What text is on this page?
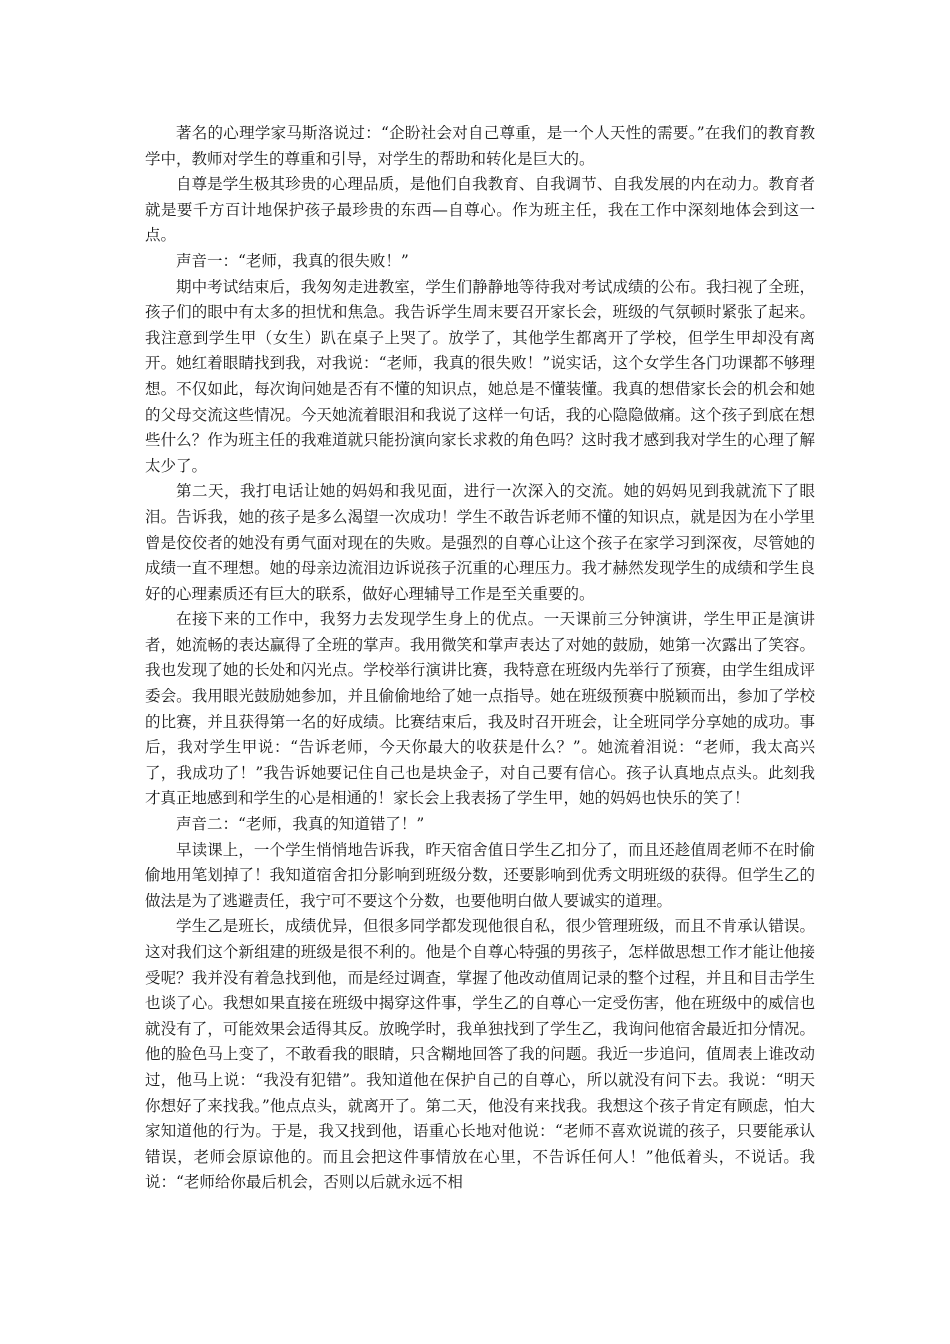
著名的心理学家马斯洛说过：“企盼社会对自己尊重，是一个人天性的需要。”在我们的教育教学中，教师对学生的尊重和引导，对学生的帮助和转化是巨大的。

自尊是学生极其珍贵的心理品质，是他们自我教育、自我调节、自我发展的内在动力。教育者就是要千方百计地保护孩子最珍贵的东西—自尊心。作为班主任，我在工作中深刻地体会到这一点。

声音一：“老师，我真的很失败！”

期中考试结束后，我匆匆走进教室，学生们静静地等待我对考试成绩的公布。我扫视了全班，孩子们的眼中有太多的担忧和焦急。我告诉学生周末要召开家长会，班级的气氛顿时紧张了起来。我注意到学生甲（女生）趴在桌子上哭了。放学了，其他学生都离开了学校，但学生甲却没有离开。她红着眼睛找到我，对我说：“老师，我真的很失败！”说实话，这个女学生各门功课都不够理想。不仅如此，每次询问她是否有不懂的知识点，她总是不懂装懂。我真的想借家长会的机会和她的父母交流这些情况。今天她流着眼泪和我说了这样一句话，我的心隐隐做痛。这个孩子到底在想些什么？作为班主任的我难道就只能扮演向家长求救的角色吗？这时我才感到我对学生的心理了解太少了。

第二天，我打电话让她的妈妈和我见面，进行一次深入的交流。她的妈妈见到我就流下了眼泪。告诉我，她的孩子是多么渴望一次成功！学生不敢告诉老师不懂的知识点，就是因为在小学里曾是佼佼者的她没有勇气面对现在的失败。是强烈的自尊心让这个孩子在家学习到深夜，尽管她的成绩一直不理想。她的母亲边流泪边诉说孩子沉重的心理压力。我才赫然发现学生的成绩和学生良好的心理素质还有巨大的联系，做好心理辅导工作是至关重要的。

在接下来的工作中，我努力去发现学生身上的优点。一天课前三分钟演讲，学生甲正是演讲者，她流畅的表达赢得了全班的掌声。我用微笑和掌声表达了对她的鼓励，她第一次露出了笑容。我也发现了她的长处和闪光点。学校举行演讲比赛，我特意在班级内先举行了预赛，由学生组成评委会。我用眼光鼓励她参加，并且偷偷地给了她一点指导。她在班级预赛中脱颖而出，参加了学校的比赛，并且获得第一名的好成绩。比赛结束后，我及时召开班会，让全班同学分享她的成功。事后，我对学生甲说：“告诉老师，今天你最大的收获是什么？”。她流着泪说：“老师，我太高兴了，我成功了！”我告诉她要记住自己也是块金子，对自己要有信心。孩子认真地点点头。此刻我才真正地感到和学生的心是相通的！家长会上我表扬了学生甲，她的妈妈也快乐的笑了！

声音二：“老师，我真的知道错了！”

早读课上，一个学生悄悄地告诉我，昨天宿舍值日学生乙扣分了，而且还趁值周老师不在时偷偷地用笔划掉了！我知道宿舍扣分影响到班级分数，还要影响到优秀文明班级的获得。但学生乙的做法是为了逃避责任，我宁可不要这个分数，也要他明白做人要诚实的道理。

学生乙是班长，成绩优异，但很多同学都发现他很自私，很少管理班级，而且不肯承认错误。这对我们这个新组建的班级是很不利的。他是个自尊心特强的男孩子，怎样做思想工作才能让他接受呢？我并没有着急找到他，而是经过调查，掌握了他改动值周记录的整个过程，并且和目击学生也谈了心。我想如果直接在班级中揭穿这件事，学生乙的自尊心一定受伤害，他在班级中的威信也就没有了，可能效果会适得其反。放晚学时，我单独找到了学生乙，我询问他宿舍最近扣分情况。他的脸色马上变了，不敢看我的眼睛，只含糊地回答了我的问题。我近一步追问，值周表上谁改动过，他马上说：“我没有犯错”。我知道他在保护自己的自尊心，所以就没有问下去。我说：“明天你想好了来找我。”他点点头，就离开了。第二天，他没有来找我。我想这个孩子肯定有顾虑，怕大家知道他的行为。于是，我又找到他，语重心长地对他说：“老师不喜欢说谎的孩子，只要能承认错误，老师会原谅他的。而且会把这件事情放在心里，不告诉任何人！”他低着头，不说话。我说：“老师给你最后机会，否则以后就永远不相
